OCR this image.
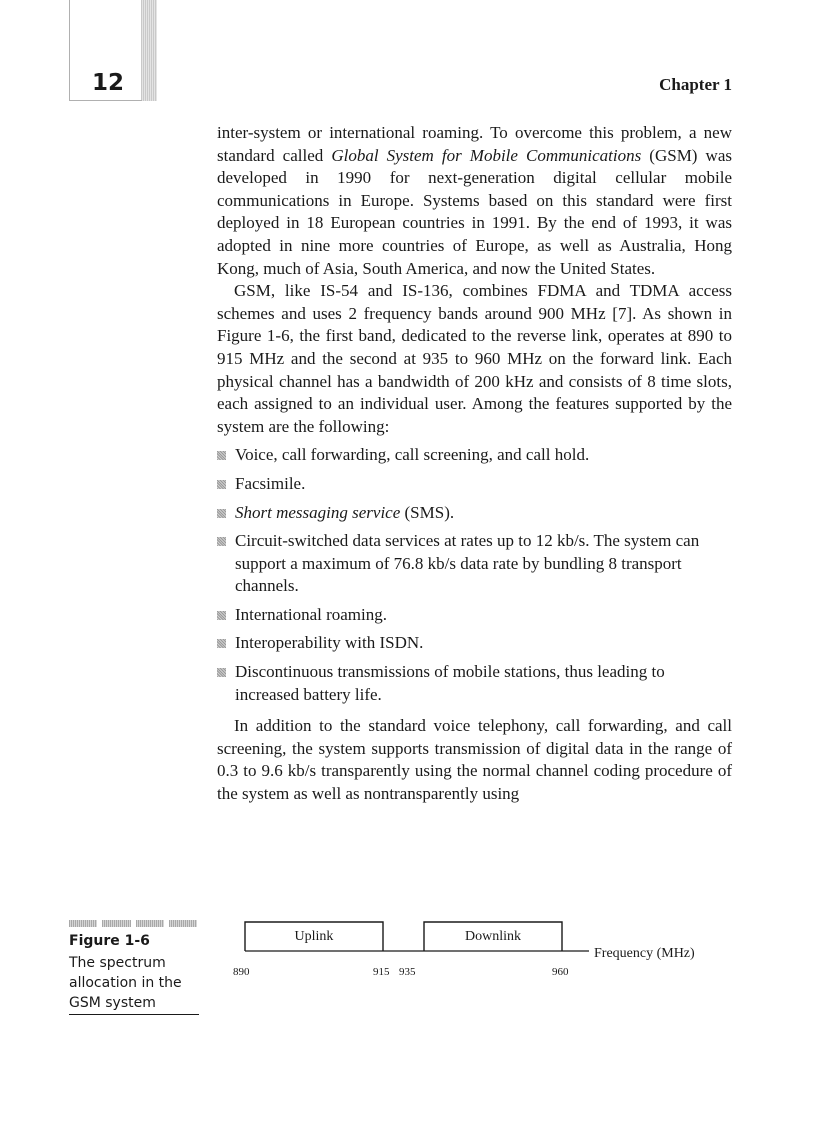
12	Chapter 1

inter-system or international roaming. To overcome this problem, a new standard called Global System for Mobile Communications (GSM) was developed in 1990 for next-generation digital cellular mobile communications in Europe. Systems based on this standard were first deployed in 18 European countries in 1991. By the end of 1993, it was adopted in nine more countries of Europe, as well as Australia, Hong Kong, much of Asia, South America, and now the United States.

GSM, like IS-54 and IS-136, combines FDMA and TDMA access schemes and uses 2 frequency bands around 900 MHz [7]. As shown in Figure 1-6, the first band, dedicated to the reverse link, operates at 890 to 915 MHz and the second at 935 to 960 MHz on the forward link. Each physical channel has a bandwidth of 200 kHz and consists of 8 time slots, each assigned to an individual user. Among the features supported by the system are the following:

Voice, call forwarding, call screening, and call hold.
Facsimile.
Short messaging service (SMS).
Circuit-switched data services at rates up to 12 kb/s. The system can support a maximum of 76.8 kb/s data rate by bundling 8 transport channels.
International roaming.
Interoperability with ISDN.
Discontinuous transmissions of mobile stations, thus leading to increased battery life.

In addition to the standard voice telephony, call forwarding, and call screening, the system supports transmission of digital data in the range of 0.3 to 9.6 kb/s transparently using the normal channel coding procedure of the system as well as nontransparently using

Figure 1-6
The spectrum allocation in the GSM system
Uplink	Downlink
Frequency (MHz)
890	915 935	960
